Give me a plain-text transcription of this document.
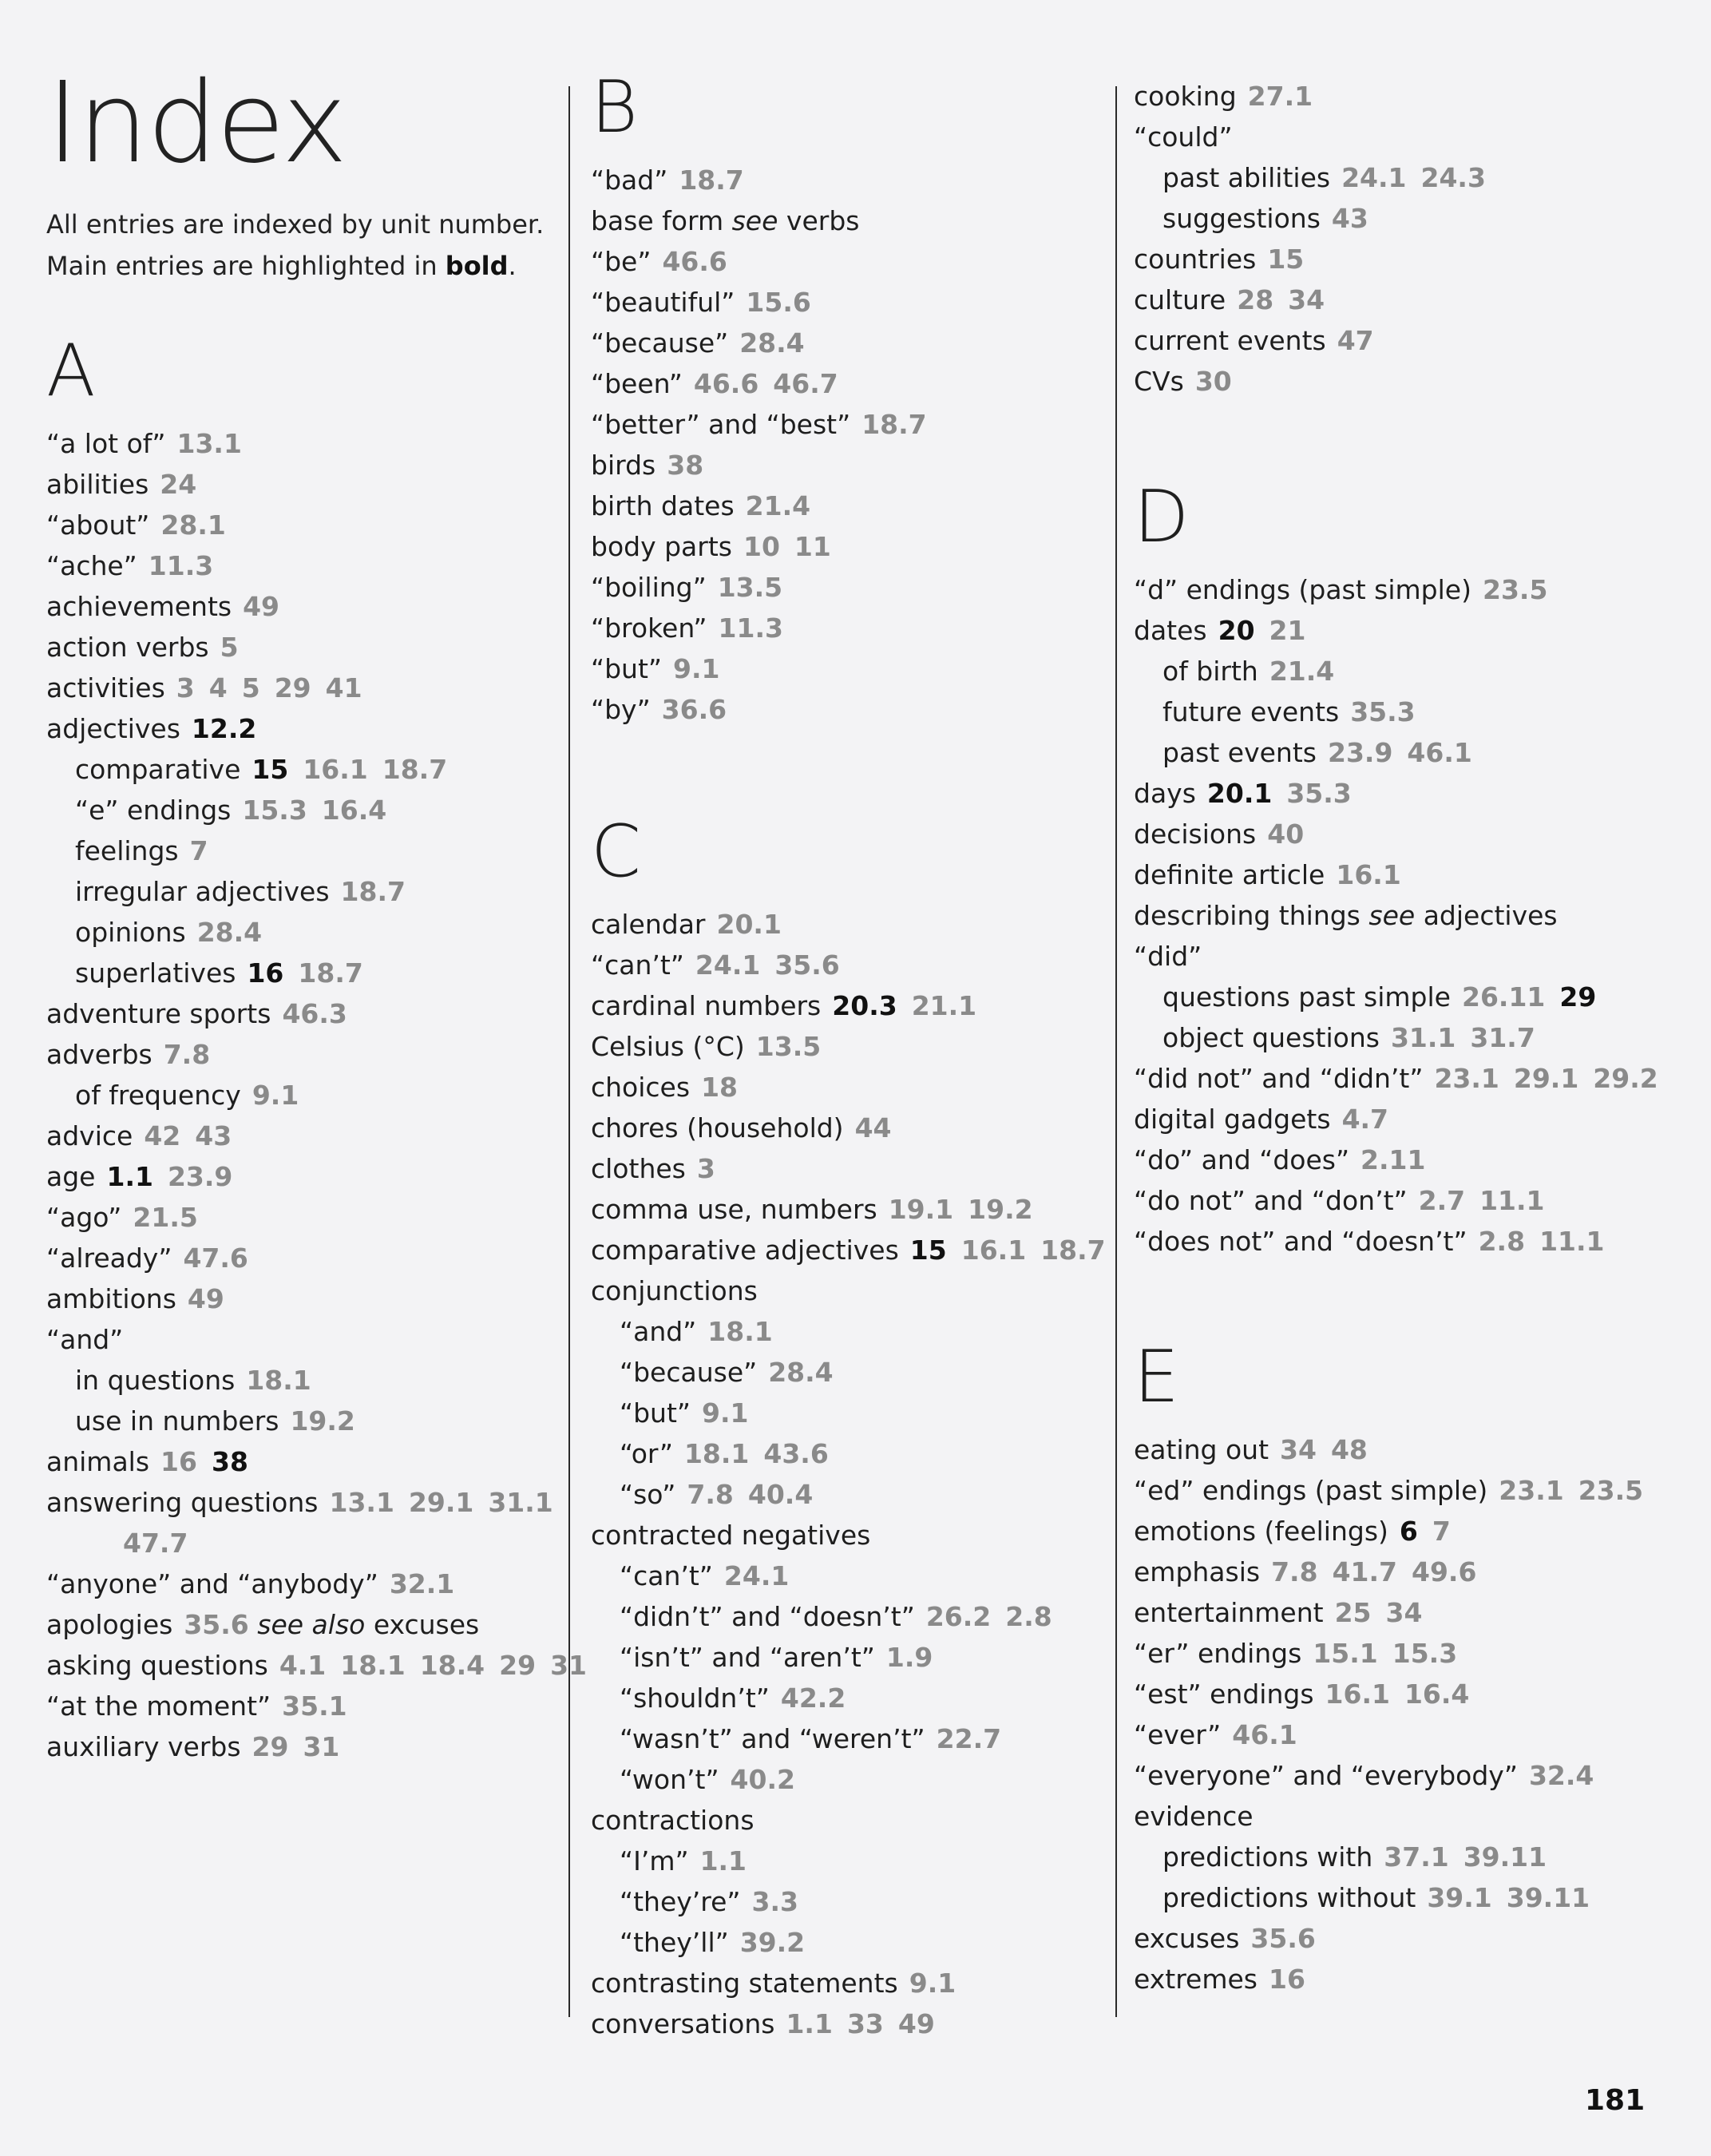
Index
All entries are indexed by unit number.
Main entries are highlighted in bold.
A
“a lot of” 13.1
abilities 24
“about” 28.1
“ache” 11.3
achievements 49
action verbs 5
activities 3 4 5 29 41
adjectives 12.2
comparative 15 16.1 18.7
“e” endings 15.3 16.4
feelings 7
irregular adjectives 18.7
opinions 28.4
superlatives 16 18.7
adventure sports 46.3
adverbs 7.8
of frequency 9.1
advice 42 43
age 1.1 23.9
“ago” 21.5
“already” 47.6
ambitions 49
“and”
in questions 18.1
use in numbers 19.2
animals 16 38
answering questions 13.1 29.1 31.1
47.7
“anyone” and “anybody” 32.1
apologies 35.6 see also excuses
asking questions 4.1 18.1 18.4 29 31
“at the moment” 35.1
auxiliary verbs 29 31
B
“bad” 18.7
base form see verbs
“be” 46.6
“beautiful” 15.6
“because” 28.4
“been” 46.6 46.7
“better” and “best” 18.7
birds 38
birth dates 21.4
body parts 10 11
“boiling” 13.5
“broken” 11.3
“but” 9.1
“by” 36.6
C
calendar 20.1
“can’t” 24.1 35.6
cardinal numbers 20.3 21.1
Celsius (°C) 13.5
choices 18
chores (household) 44
clothes 3
comma use, numbers 19.1 19.2
comparative adjectives 15 16.1 18.7
conjunctions
“and” 18.1
“because” 28.4
“but” 9.1
“or” 18.1 43.6
“so” 7.8 40.4
contracted negatives
“can’t” 24.1
“didn’t” and “doesn’t” 26.2 2.8
“isn’t” and “aren’t” 1.9
“shouldn’t” 42.2
“wasn’t” and “weren’t” 22.7
“won’t” 40.2
contractions
“I’m” 1.1
“they’re” 3.3
“they’ll” 39.2
contrasting statements 9.1
conversations 1.1 33 49
cooking 27.1
“could”
past abilities 24.1 24.3
suggestions 43
countries 15
culture 28 34
current events 47
CVs 30
D
“d” endings (past simple) 23.5
dates 20 21
of birth 21.4
future events 35.3
past events 23.9 46.1
days 20.1 35.3
decisions 40
definite article 16.1
describing things see adjectives
“did”
questions past simple 26.11 29
object questions 31.1 31.7
“did not” and “didn’t” 23.1 29.1 29.2
digital gadgets 4.7
“do” and “does” 2.11
“do not” and “don’t” 2.7 11.1
“does not” and “doesn’t” 2.8 11.1
E
eating out 34 48
“ed” endings (past simple) 23.1 23.5
emotions (feelings) 6 7
emphasis 7.8 41.7 49.6
entertainment 25 34
“er” endings 15.1 15.3
“est” endings 16.1 16.4
“ever” 46.1
“everyone” and “everybody” 32.4
evidence
predictions with 37.1 39.11
predictions without 39.1 39.11
excuses 35.6
extremes 16
181
